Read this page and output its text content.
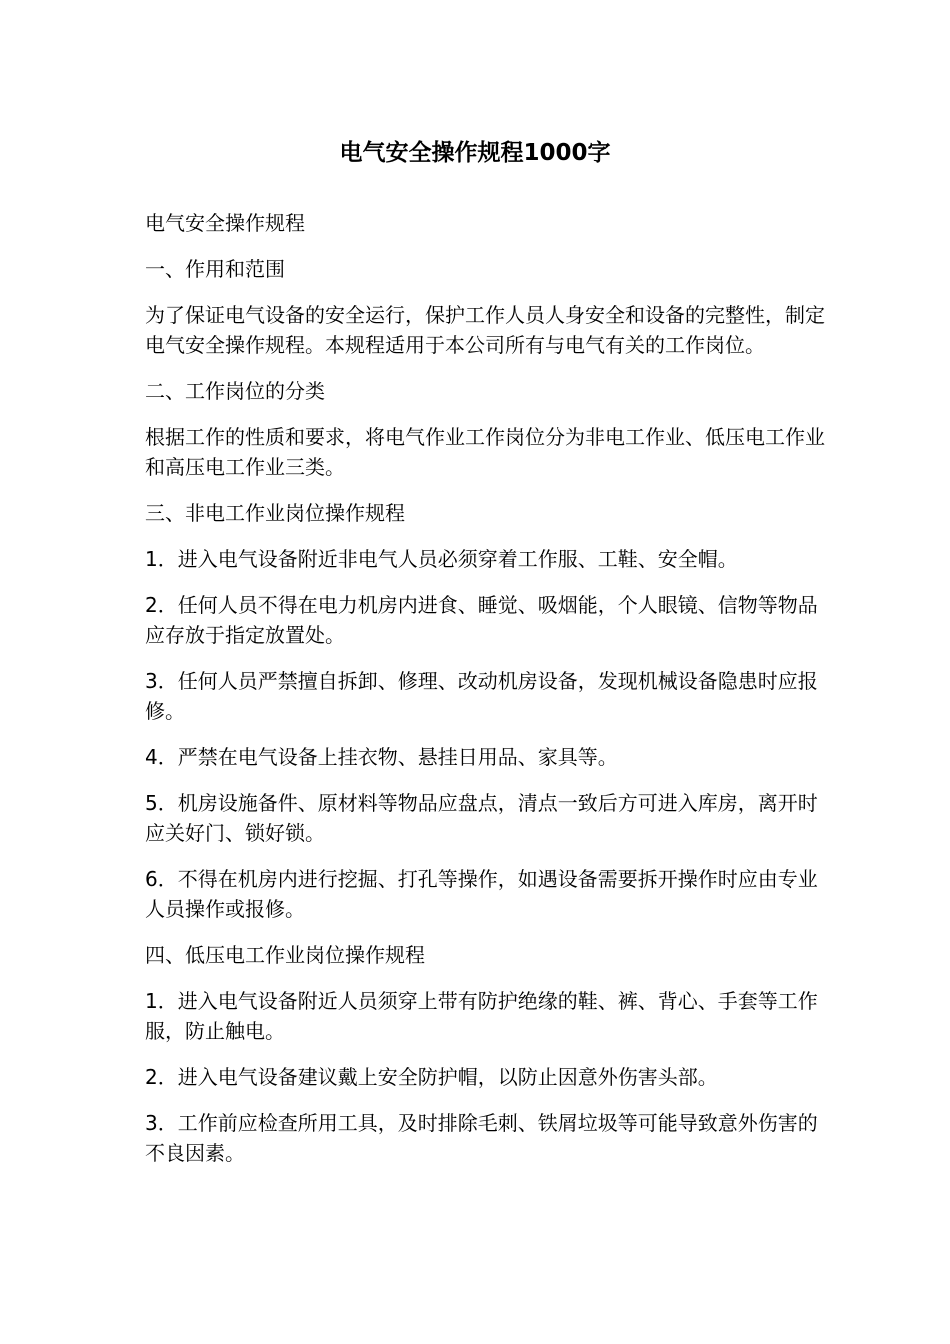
电气安全操作规程1000字

电气安全操作规程

一、作用和范围

为了保证电气设备的安全运行，保护工作人员人身安全和设备的完整性，制定电气安全操作规程。本规程适用于本公司所有与电气有关的工作岗位。

二、工作岗位的分类

根据工作的性质和要求，将电气作业工作岗位分为非电工作业、低压电工作业和高压电工作业三类。

三、非电工作业岗位操作规程

1．进入电气设备附近非电气人员必须穿着工作服、工鞋、安全帽。

2．任何人员不得在电力机房内进食、睡觉、吸烟能，个人眼镜、信物等物品应存放于指定放置处。

3．任何人员严禁擅自拆卸、修理、改动机房设备，发现机械设备隐患时应报修。

4．严禁在电气设备上挂衣物、悬挂日用品、家具等。

5．机房设施备件、原材料等物品应盘点，清点一致后方可进入库房，离开时应关好门、锁好锁。

6．不得在机房内进行挖掘、打孔等操作，如遇设备需要拆开操作时应由专业人员操作或报修。

四、低压电工作业岗位操作规程

1．进入电气设备附近人员须穿上带有防护绝缘的鞋、裤、背心、手套等工作服，防止触电。

2．进入电气设备建议戴上安全防护帽，以防止因意外伤害头部。

3．工作前应检查所用工具，及时排除毛刺、铁屑垃圾等可能导致意外伤害的不良因素。
